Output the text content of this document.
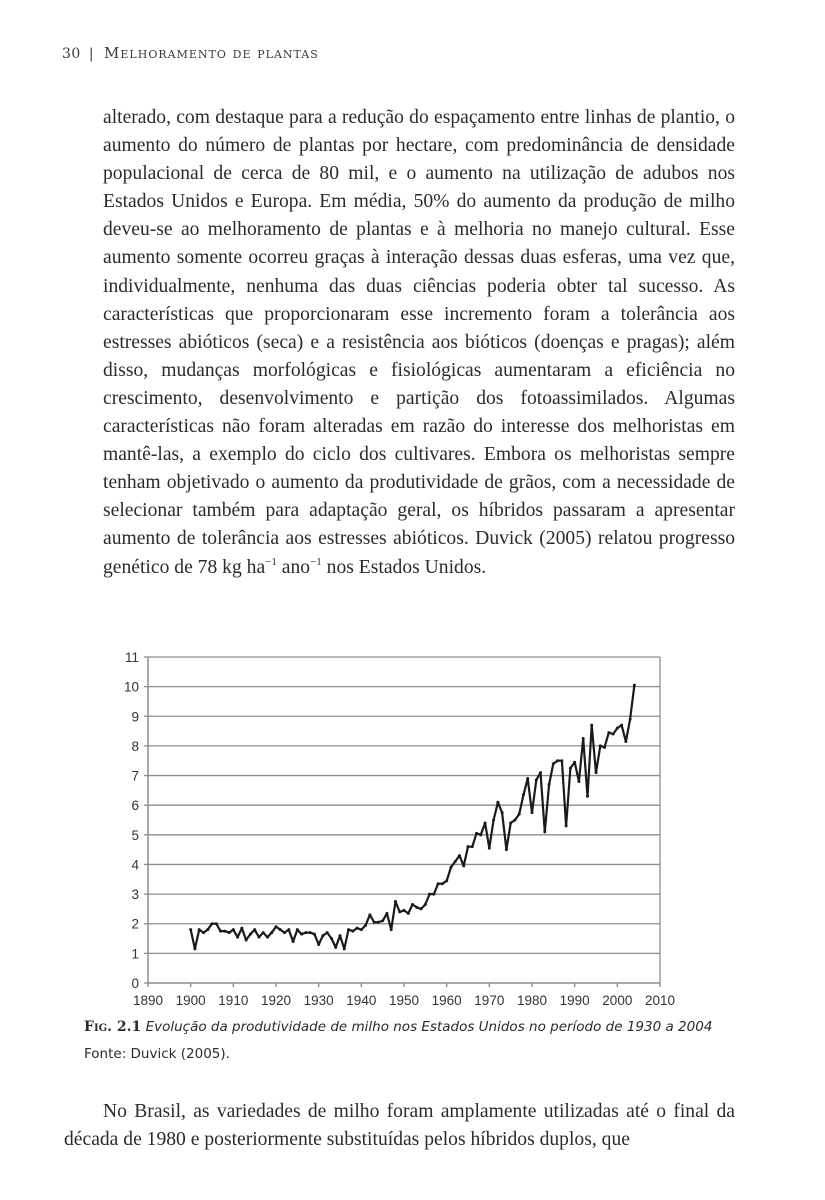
30 | Melhoramento de plantas

alterado, com destaque para a redução do espaçamento entre linhas de plantio, o aumento do número de plantas por hectare, com predominância de densidade populacional de cerca de 80 mil, e o aumento na utilização de adubos nos Estados Unidos e Europa. Em média, 50% do aumento da produção de milho deveu-se ao melhoramento de plantas e à melhoria no manejo cultural. Esse aumento somente ocorreu graças à interação dessas duas esferas, uma vez que, individualmente, nenhuma das duas ciências poderia obter tal sucesso. As características que proporcionaram esse incremento foram a tolerância aos estresses abióticos (seca) e a resistência aos bióticos (doenças e pragas); além disso, mudanças morfológicas e fisiológicas aumentaram a eficiência no crescimento, desenvolvimento e partição dos fotoassimilados. Algumas características não foram alteradas em razão do interesse dos melhoristas em mantê-las, a exemplo do ciclo dos cultivares. Embora os melhoristas sempre tenham objetivado o aumento da produtividade de grãos, com a necessidade de selecionar também para adaptação geral, os híbridos passaram a apresentar aumento de tolerância aos estresses abióticos. Duvick (2005) relatou progresso genético de 78 kg $ha^{-1}$ ano$^{-1}$ nos Estados Unidos.

0
1
2
3
4
5
6
7
8
9
10
11
1890 1900 1910 1920 1930 1940 1950 1960 1970 1980 1990 2000 2010
Fig. 2.1 Evolução da produtividade de milho nos Estados Unidos no período de 1930 a 2004
Fonte: Duvick (2005).

No Brasil, as variedades de milho foram amplamente utilizadas até o final da década de 1980 e posteriormente substituídas pelos híbridos duplos, que
